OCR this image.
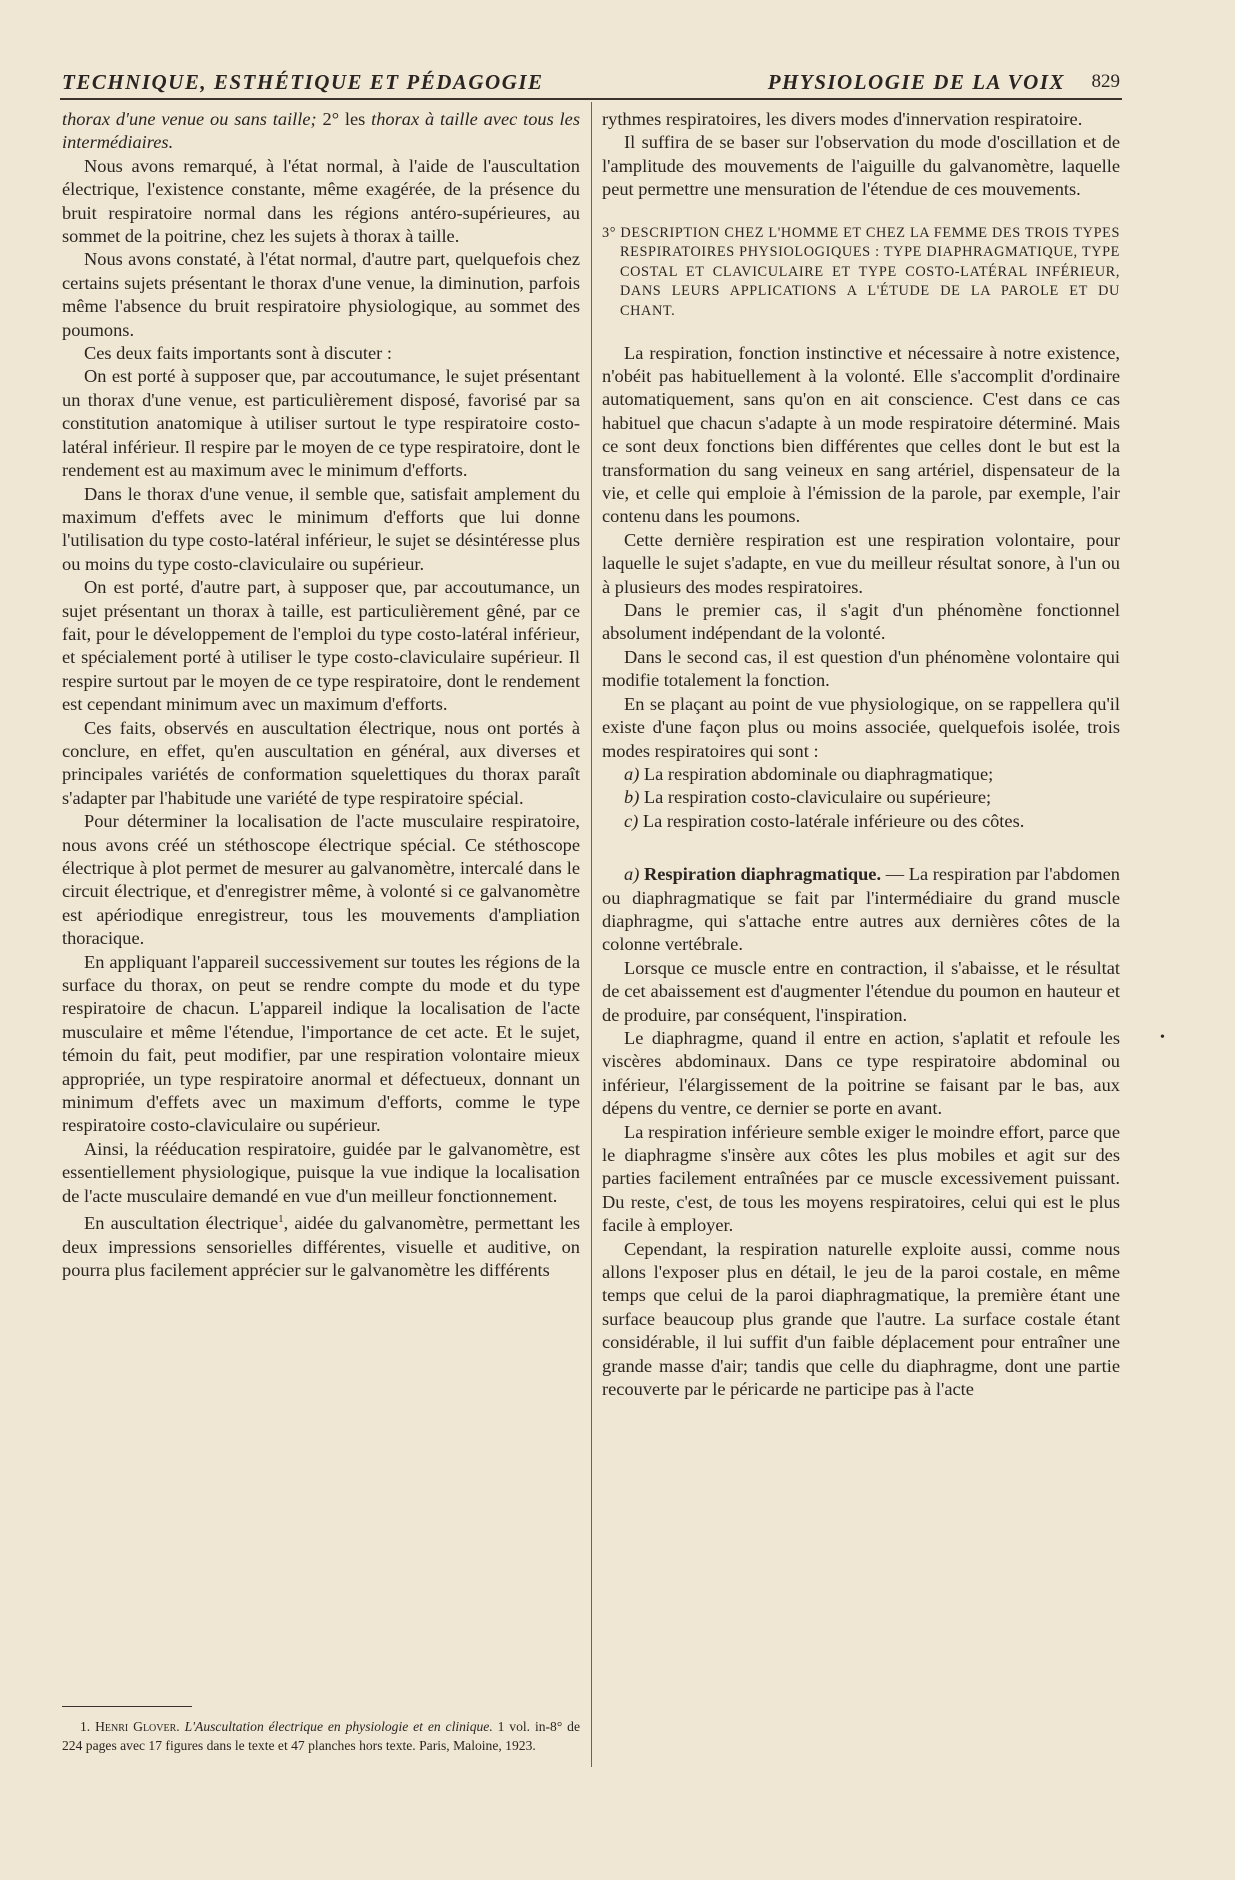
TECHNIQUE, ESTHÉTIQUE ET PÉDAGOGIE	PHYSIOLOGIE DE LA VOIX 829

thorax d'une venue ou sans taille; 2° les thorax à taille avec tous les intermédiaires.

Nous avons remarqué, à l'état normal, à l'aide de l'auscultation électrique, l'existence constante, même exagérée, de la présence du bruit respiratoire normal dans les régions antéro-supérieures, au sommet de la poitrine, chez les sujets à thorax à taille.

Nous avons constaté, à l'état normal, d'autre part, quelquefois chez certains sujets présentant le thorax d'une venue, la diminution, parfois même l'absence du bruit respiratoire physiologique, au sommet des poumons.

Ces deux faits importants sont à discuter :

On est porté à supposer que, par accoutumance, le sujet présentant un thorax d'une venue, est particulièrement disposé, favorisé par sa constitution anatomique à utiliser surtout le type respiratoire costo-latéral inférieur. Il respire par le moyen de ce type respiratoire, dont le rendement est au maximum avec le minimum d'efforts.

Dans le thorax d'une venue, il semble que, satisfait amplement du maximum d'effets avec le minimum d'efforts que lui donne l'utilisation du type costo-latéral inférieur, le sujet se désintéresse plus ou moins du type costo-claviculaire ou supérieur.

On est porté, d'autre part, à supposer que, par accoutumance, un sujet présentant un thorax à taille, est particulièrement gêné, par ce fait, pour le développement de l'emploi du type costo-latéral inférieur, et spécialement porté à utiliser le type costo-claviculaire supérieur. Il respire surtout par le moyen de ce type respiratoire, dont le rendement est cependant minimum avec un maximum d'efforts.

Ces faits, observés en auscultation électrique, nous ont portés à conclure, en effet, qu'en auscultation en général, aux diverses et principales variétés de conformation squelettiques du thorax paraît s'adapter par l'habitude une variété de type respiratoire spécial.

Pour déterminer la localisation de l'acte musculaire respiratoire, nous avons créé un stéthoscope électrique spécial. Ce stéthoscope électrique à plot permet de mesurer au galvanomètre, intercalé dans le circuit électrique, et d'enregistrer même, à volonté si ce galvanomètre est apériodique enregistreur, tous les mouvements d'ampliation thoracique.

En appliquant l'appareil successivement sur toutes les régions de la surface du thorax, on peut se rendre compte du mode et du type respiratoire de chacun. L'appareil indique la localisation de l'acte musculaire et même l'étendue, l'importance de cet acte. Et le sujet, témoin du fait, peut modifier, par une respiration volontaire mieux appropriée, un type respiratoire anormal et défectueux, donnant un minimum d'effets avec un maximum d'efforts, comme le type respiratoire costo-claviculaire ou supérieur.

Ainsi, la rééducation respiratoire, guidée par le galvanomètre, est essentiellement physiologique, puisque la vue indique la localisation de l'acte musculaire demandé en vue d'un meilleur fonctionnement.

En auscultation électrique$^1$, aidée du galvanomètre, permettant les deux impressions sensorielles différentes, visuelle et auditive, on pourra plus facilement apprécier sur le galvanomètre les différents

1. Henri Glover. L'Auscultation électrique en physiologie et en clinique. 1 vol. in-8° de 224 pages avec 17 figures dans le texte et 47 planches hors texte. Paris, Maloine, 1923.

rythmes respiratoires, les divers modes d'innervation respiratoire.

Il suffira de se baser sur l'observation du mode d'oscillation et de l'amplitude des mouvements de l'aiguille du galvanomètre, laquelle peut permettre une mensuration de l'étendue de ces mouvements.

3° DESCRIPTION CHEZ L'HOMME ET CHEZ LA FEMME DES TROIS TYPES RESPIRATOIRES PHYSIOLOGIQUES : TYPE DIAPHRAGMATIQUE, TYPE COSTAL ET CLAVICULAIRE ET TYPE COSTO-LATÉRAL INFÉRIEUR, DANS LEURS APPLICATIONS A L'ÉTUDE DE LA PAROLE ET DU CHANT.

La respiration, fonction instinctive et nécessaire à notre existence, n'obéit pas habituellement à la volonté. Elle s'accomplit d'ordinaire automatiquement, sans qu'on en ait conscience. C'est dans ce cas habituel que chacun s'adapte à un mode respiratoire déterminé. Mais ce sont deux fonctions bien différentes que celles dont le but est la transformation du sang veineux en sang artériel, dispensateur de la vie, et celle qui emploie à l'émission de la parole, par exemple, l'air contenu dans les poumons.

Cette dernière respiration est une respiration volontaire, pour laquelle le sujet s'adapte, en vue du meilleur résultat sonore, à l'un ou à plusieurs des modes respiratoires.

Dans le premier cas, il s'agit d'un phénomène fonctionnel absolument indépendant de la volonté.

Dans le second cas, il est question d'un phénomène volontaire qui modifie totalement la fonction.

En se plaçant au point de vue physiologique, on se rappellera qu'il existe d'une façon plus ou moins associée, quelquefois isolée, trois modes respiratoires qui sont :

a) La respiration abdominale ou diaphragmatique;

b) La respiration costo-claviculaire ou supérieure;

c) La respiration costo-latérale inférieure ou des côtes.

a) Respiration diaphragmatique. — La respiration par l'abdomen ou diaphragmatique se fait par l'intermédiaire du grand muscle diaphragme, qui s'attache entre autres aux dernières côtes de la colonne vertébrale.

Lorsque ce muscle entre en contraction, il s'abaisse, et le résultat de cet abaissement est d'augmenter l'étendue du poumon en hauteur et de produire, par conséquent, l'inspiration.

Le diaphragme, quand il entre en action, s'aplatit et refoule les viscères abdominaux. Dans ce type respiratoire abdominal ou inférieur, l'élargissement de la poitrine se faisant par le bas, aux dépens du ventre, ce dernier se porte en avant.

La respiration inférieure semble exiger le moindre effort, parce que le diaphragme s'insère aux côtes les plus mobiles et agit sur des parties facilement entraînées par ce muscle excessivement puissant. Du reste, c'est, de tous les moyens respiratoires, celui qui est le plus facile à employer.

Cependant, la respiration naturelle exploite aussi, comme nous allons l'exposer plus en détail, le jeu de la paroi costale, en même temps que celui de la paroi diaphragmatique, la première étant une surface beaucoup plus grande que l'autre. La surface costale étant considérable, il lui suffit d'un faible déplacement pour entraîner une grande masse d'air; tandis que celle du diaphragme, dont une partie recouverte par le péricarde ne participe pas à l'acte

•
